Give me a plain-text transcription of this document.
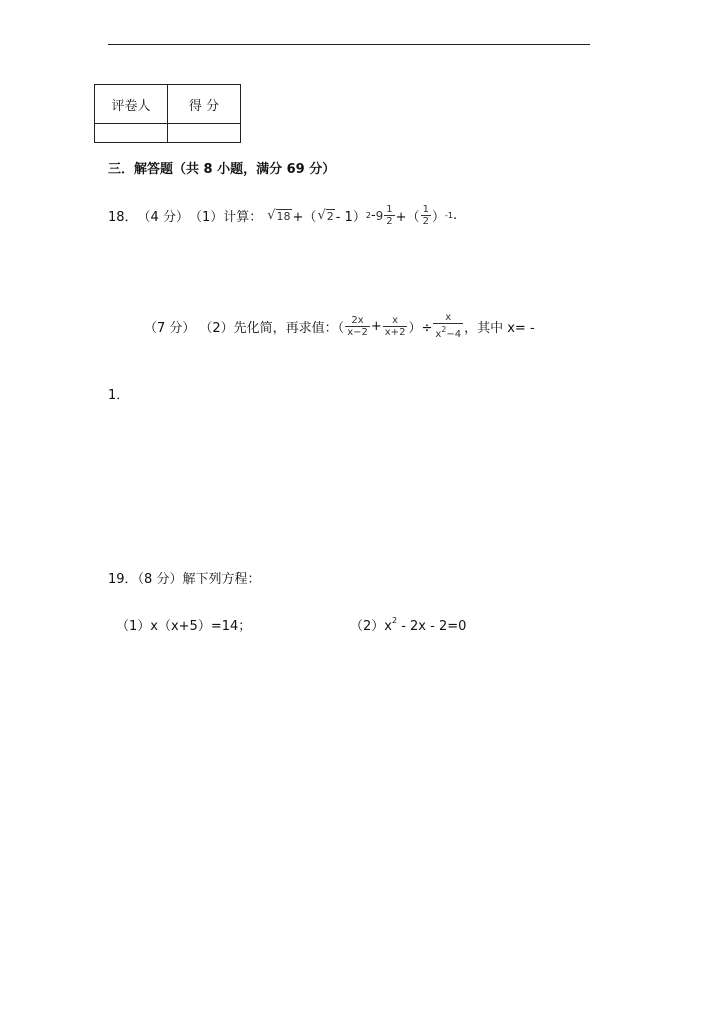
评卷人	得 分

三．解答题（共 8 小题，满分 69 分）
18． （4 分） （1）计算： √ 18 +（ √ 2 - 1） $2 - 9 \frac{1}{2}$ +（ $\frac{1}{2}$ ） -1 .
（7 分） （2）先化简，再求值：（ $\frac{2x}{x-2} + \frac{x}{x+2}$ ）÷ $\frac{x}{x^2-4}$ ，其中 x= -
1．
19．（8 分）解下列方程：
（1）x（x+5）=14；	$(2)x^2 - 2x - 2=0$
